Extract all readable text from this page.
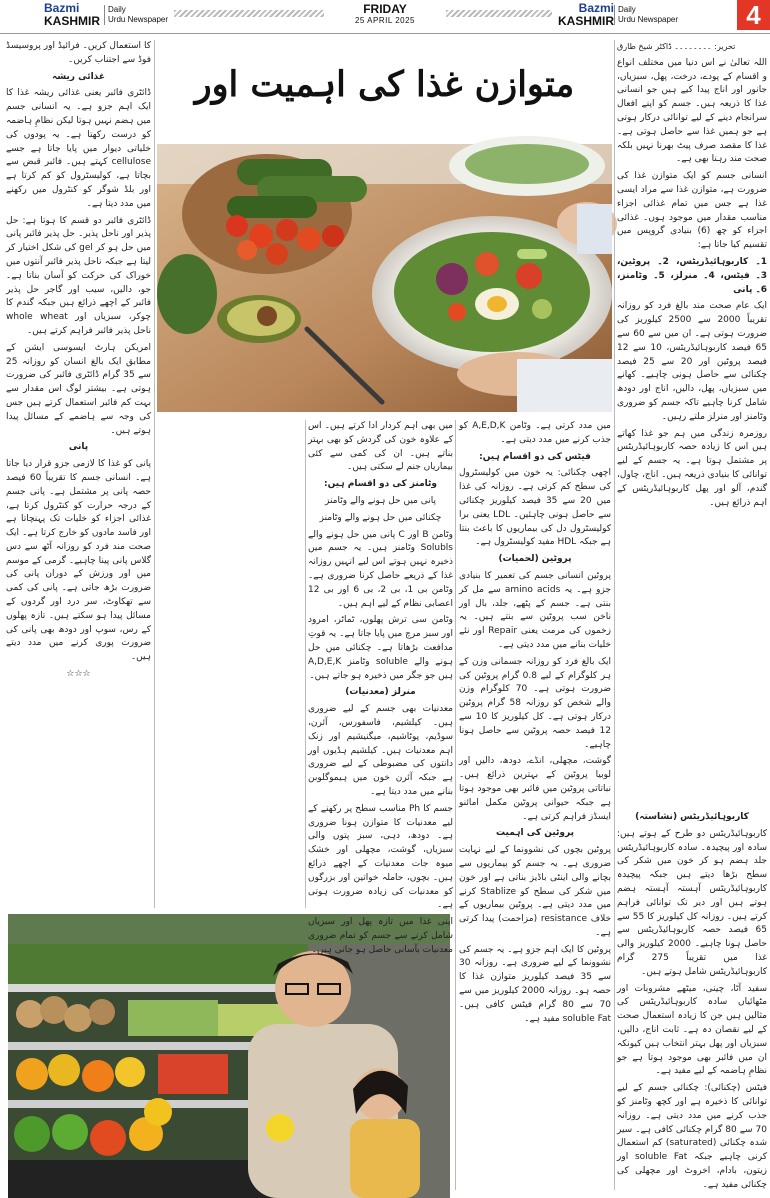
Bazmi
KASHMIR
Daily
Urdu Newspaper
FRIDAY
25 APRIL 2025
Bazmi
KASHMIR
Daily
Urdu Newspaper	4
متوازن غذا کی اہمیت اور

تحریر: ۔۔۔۔۔۔۔۔ ڈاکٹر شیخ طارق

اللہ تعالیٰ نے اس دنیا میں مختلف انواع و اقسام کے پودے، درخت، پھل، سبزیاں، جانور اور اناج پیدا کیے ہیں جو انسانی غذا کا ذریعہ ہیں۔ جسم کو اپنے افعال سرانجام دینے کے لیے توانائی درکار ہوتی ہے جو ہمیں غذا سے حاصل ہوتی ہے۔ غذا کا مقصد صرف پیٹ بھرنا نہیں بلکہ صحت مند رہنا بھی ہے۔

انسانی جسم کو ایک متوازن غذا کی ضرورت ہے، متوازن غذا سے مراد ایسی غذا ہے جس میں تمام غذائی اجزاء مناسب مقدار میں موجود ہوں۔ غذائی اجزاء کو چھ (6) بنیادی گروپس میں تقسیم کیا جاتا ہے:

1۔ کاربوہائیڈریٹس، 2۔ پروٹین، 3۔ فیٹس، 4۔ منرلز، 5۔ وٹامنز، 6۔ پانی

ایک عام صحت مند بالغ فرد کو روزانہ تقریباً 2000 سے 2500 کیلوریز کی ضرورت ہوتی ہے۔ ان میں سے 60 سے 65 فیصد کاربوہائیڈریٹس، 10 سے 12 فیصد پروٹین اور 20 سے 25 فیصد چکنائی سے حاصل ہونی چاہیے۔ کھانے میں سبزیاں، پھل، دالیں، اناج اور دودھ شامل کرنا چاہیے تاکہ جسم کو ضروری وٹامنز اور منرلز ملتے رہیں۔

روزمرہ زندگی میں ہم جو غذا کھاتے ہیں اس کا زیادہ حصہ کاربوہائیڈریٹس پر مشتمل ہوتا ہے۔ یہ جسم کے لیے توانائی کا بنیادی ذریعہ ہیں۔ اناج، چاول، گندم، آلو اور پھل کاربوہائیڈریٹس کے اہم ذرائع ہیں۔

کاربوہائیڈریٹس (نشاستہ)

کاربوہائیڈریٹس دو طرح کے ہوتے ہیں: سادہ اور پیچیدہ۔ سادہ کاربوہائیڈریٹس جلد ہضم ہو کر خون میں شکر کی سطح بڑھا دیتے ہیں جبکہ پیچیدہ کاربوہائیڈریٹس آہستہ آہستہ ہضم ہوتے ہیں اور دیر تک توانائی فراہم کرتے ہیں۔ روزانہ کل کیلوریز کا 55 سے 65 فیصد حصہ کاربوہائیڈریٹس سے حاصل ہونا چاہیے۔ 2000 کیلوریز والی غذا میں تقریباً 275 گرام کاربوہائیڈریٹس شامل ہوتے ہیں۔

سفید آٹا، چینی، میٹھے مشروبات اور مٹھائیاں سادہ کاربوہائیڈریٹس کی مثالیں ہیں جن کا زیادہ استعمال صحت کے لیے نقصان دہ ہے۔ ثابت اناج، دالیں، سبزیاں اور پھل بہتر انتخاب ہیں کیونکہ ان میں فائبر بھی موجود ہوتا ہے جو نظامِ ہاضمہ کے لیے مفید ہے۔

فیٹس (چکنائی): چکنائی جسم کے لیے توانائی کا ذخیرہ ہے اور کچھ وٹامنز کو جذب کرنے میں مدد دیتی ہے۔ روزانہ 70 سے 80 گرام چکنائی کافی ہے۔ سیر شدہ چکنائی (saturated) کم استعمال کرنی چاہیے جبکہ soluble Fat اور زیتون، بادام، اخروٹ اور مچھلی کی چکنائی مفید ہے۔

کا استعمال کریں۔ فرائیڈ اور پروسیسڈ فوڈ سے اجتناب کریں۔

غذائی ریشہ

ڈائٹری فائبر یعنی غذائی ریشہ غذا کا ایک اہم جزو ہے۔ یہ انسانی جسم میں ہضم نہیں ہوتا لیکن نظامِ ہاضمہ کو درست رکھتا ہے۔ یہ پودوں کی خلیاتی دیوار میں پایا جاتا ہے جسے cellulose کہتے ہیں۔ فائبر قبض سے بچاتا ہے، کولیسٹرول کو کم کرتا ہے اور بلڈ شوگر کو کنٹرول میں رکھنے میں مدد دیتا ہے۔

ڈائٹری فائبر دو قسم کا ہوتا ہے: حل پذیر اور ناحل پذیر۔ حل پذیر فائبر پانی میں حل ہو کر gel کی شکل اختیار کر لیتا ہے جبکہ ناحل پذیر فائبر آنتوں میں خوراک کی حرکت کو آسان بناتا ہے۔ جو، دالیں، سیب اور گاجر حل پذیر فائبر کے اچھے ذرائع ہیں جبکہ گندم کا چوکر، سبزیاں اور whole wheat ناحل پذیر فائبر فراہم کرتے ہیں۔

امریکن ہارٹ ایسوسی ایشن کے مطابق ایک بالغ انسان کو روزانہ 25 سے 35 گرام ڈائٹری فائبر کی ضرورت ہوتی ہے۔ بیشتر لوگ اس مقدار سے بہت کم فائبر استعمال کرتے ہیں جس کی وجہ سے ہاضمے کے مسائل پیدا ہوتے ہیں۔

پانی

پانی کو غذا کا لازمی جزو قرار دیا جاتا ہے۔ انسانی جسم کا تقریباً 60 فیصد حصہ پانی پر مشتمل ہے۔ پانی جسم کے درجہ حرارت کو کنٹرول کرتا ہے، غذائی اجزاء کو خلیات تک پہنچاتا ہے اور فاسد مادوں کو خارج کرتا ہے۔ ایک صحت مند فرد کو روزانہ آٹھ سے دس گلاس پانی پینا چاہیے۔ گرمی کے موسم میں اور ورزش کے دوران پانی کی ضرورت بڑھ جاتی ہے۔ پانی کی کمی سے تھکاوٹ، سر درد اور گردوں کے مسائل پیدا ہو سکتے ہیں۔ تازہ پھلوں کے رس، سوپ اور دودھ بھی پانی کی ضرورت پوری کرنے میں مدد دیتے ہیں۔

☆☆☆

میں مدد کرتی ہے۔ وٹامن A,E,D,K کو جذب کرنے میں مدد دیتی ہے۔

فیٹس کی دو اقسام ہیں:

اچھی چکنائی: یہ خون میں کولیسٹرول کی سطح کم کرتی ہے۔ روزانہ کی غذا میں 20 سے 35 فیصد کیلوریز چکنائی سے حاصل ہونی چاہئیں۔ LDL یعنی برا کولیسٹرول دل کی بیماریوں کا باعث بنتا ہے جبکہ HDL مفید کولیسٹرول ہے۔

پروٹین (لحمیات)

پروٹین انسانی جسم کی تعمیر کا بنیادی جزو ہے۔ یہ amino acids سے مل کر بنتی ہے۔ جسم کے پٹھے، جلد، بال اور ناخن سب پروٹین سے بنتے ہیں۔ یہ زخموں کی مرمت یعنی Repair اور نئے خلیات بنانے میں مدد دیتی ہے۔

ایک بالغ فرد کو روزانہ جسمانی وزن کے ہر کلوگرام کے لیے 0.8 گرام پروٹین کی ضرورت ہوتی ہے۔ 70 کلوگرام وزن والے شخص کو روزانہ 58 گرام پروٹین درکار ہوتی ہے۔ کل کیلوریز کا 10 سے 12 فیصد حصہ پروٹین سے حاصل ہونا چاہیے۔

گوشت، مچھلی، انڈے، دودھ، دالیں اور لوبیا پروٹین کے بہترین ذرائع ہیں۔ نباتاتی پروٹین میں فائبر بھی موجود ہوتا ہے جبکہ حیوانی پروٹین مکمل امائنو ایسڈز فراہم کرتی ہے۔

پروٹین کی اہمیت

پروٹین بچوں کی نشوونما کے لیے نہایت ضروری ہے۔ یہ جسم کو بیماریوں سے بچانے والی اینٹی باڈیز بناتی ہے اور خون میں شکر کی سطح کو Stablize کرنے میں مدد دیتی ہے۔ پروٹین بیماریوں کے خلاف resistance (مزاحمت) پیدا کرتی ہے۔

پروٹین کا ایک اہم جزو ہے۔ یہ جسم کی نشوونما کے لیے ضروری ہے۔ روزانہ 30 سے 35 فیصد کیلوریز متوازن غذا کا حصہ ہو۔ روزانہ 2000 کیلوریز میں سے 70 سے 80 گرام فیٹس کافی ہیں۔ soluble Fat مفید ہے۔

میں بھی اہم کردار ادا کرتے ہیں۔ اس کے علاوہ خون کی گردش کو بھی بہتر بناتے ہیں۔ ان کی کمی سے کئی بیماریاں جنم لے سکتی ہیں۔

وٹامنز کی دو اقسام ہیں:

پانی میں حل ہونے والے وٹامنز

چکنائی میں حل ہونے والے وٹامنز

وٹامن B اور C پانی میں حل ہونے والے Solubls وٹامنز ہیں۔ یہ جسم میں ذخیرہ نہیں ہوتے اس لیے انہیں روزانہ غذا کے ذریعے حاصل کرنا ضروری ہے۔ وٹامن بی 1، بی 2، بی 6 اور بی 12 اعصابی نظام کے لیے اہم ہیں۔

وٹامن سی ترش پھلوں، ٹماٹر، امرود اور سبز مرچ میں پایا جاتا ہے۔ یہ قوتِ مدافعت بڑھاتا ہے۔ چکنائی میں حل ہونے والے soluble وٹامنز A,D,E,K ہیں جو جگر میں ذخیرہ ہو جاتے ہیں۔

منرلز (معدنیات)

معدنیات بھی جسم کے لیے ضروری ہیں۔ کیلشیم، فاسفورس، آئرن، سوڈیم، پوٹاشیم، میگنیشیم اور زنک اہم معدنیات ہیں۔ کیلشیم ہڈیوں اور دانتوں کی مضبوطی کے لیے ضروری ہے جبکہ آئرن خون میں ہیموگلوبن بنانے میں مدد دیتا ہے۔

جسم کا Ph مناسب سطح پر رکھنے کے لیے معدنیات کا متوازن ہونا ضروری ہے۔ دودھ، دہی، سبز پتوں والی سبزیاں، گوشت، مچھلی اور خشک میوہ جات معدنیات کے اچھے ذرائع ہیں۔ بچوں، حاملہ خواتین اور بزرگوں کو معدنیات کی زیادہ ضرورت ہوتی ہے۔

اپنی غذا میں تازہ پھل اور سبزیاں شامل کرنے سے جسم کو تمام ضروری معدنیات بآسانی حاصل ہو جاتی ہیں۔
